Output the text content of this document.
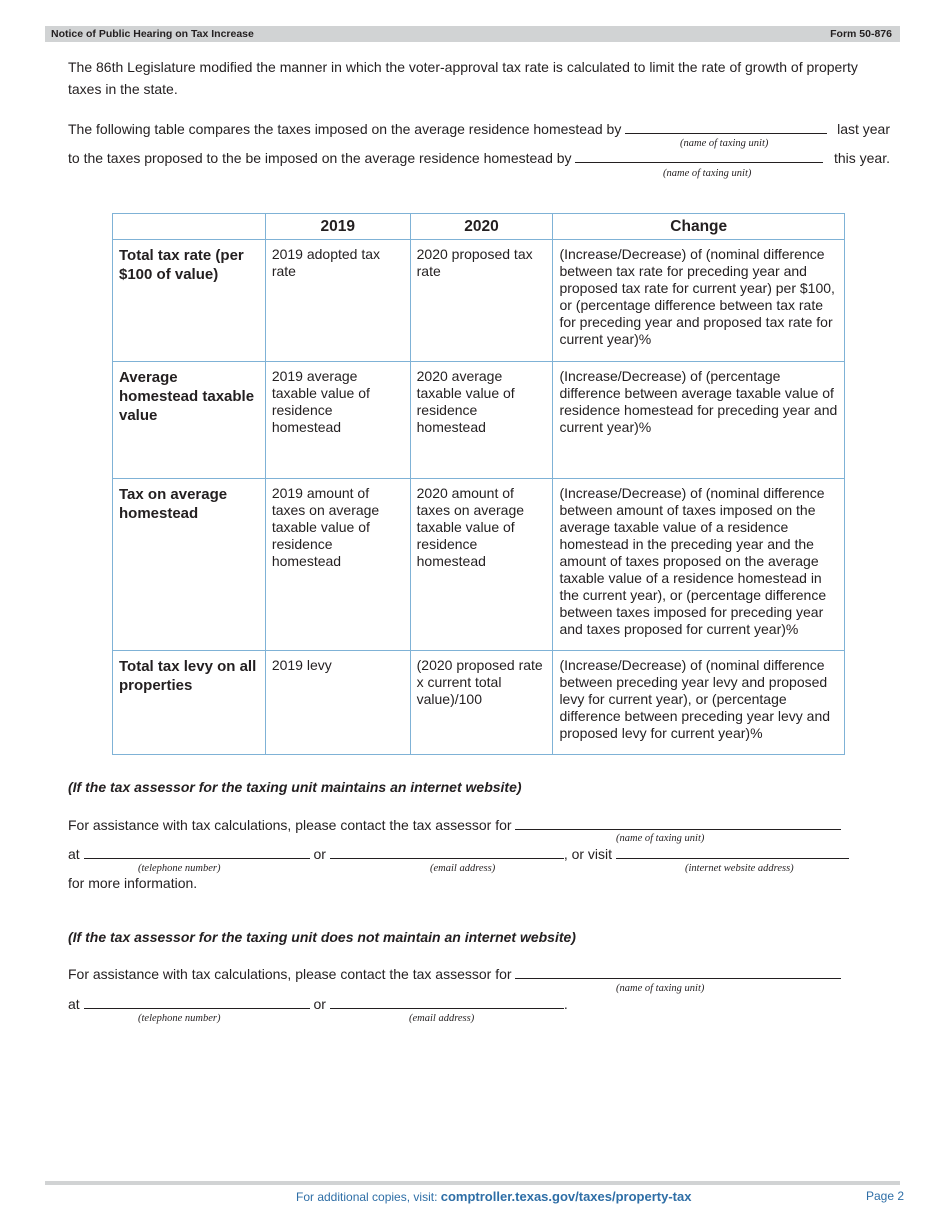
Notice of Public Hearing on Tax Increase	Form 50-876

The 86th Legislature modified the manner in which the voter-approval tax rate is calculated to limit the rate of growth of property taxes in the state.

The following table compares the taxes imposed on the average residence homestead by	last year
(name of taxing unit)
to the taxes proposed to the be imposed on the average residence homestead by	this year.
(name of taxing unit)
	2019	2020	Change
Total tax rate (per $100 of value)	2019 adopted tax rate	2020 proposed tax rate	(Increase/Decrease) of (nominal difference between tax rate for preceding year and proposed tax rate for current year) per $100, or (percentage difference between tax rate for preceding year and proposed tax rate for current year)%
Average homestead taxable value	2019 average taxable value of residence homestead	2020 average taxable value of residence homestead	(Increase/Decrease) of (percentage difference between average taxable value of residence homestead for preceding year and current year)%
Tax on average homestead	2019 amount of taxes on average taxable value of residence homestead	2020 amount of taxes on average taxable value of residence homestead	(Increase/Decrease) of (nominal difference between amount of taxes imposed on the average taxable value of a residence homestead in the preceding year and the amount of taxes proposed on the average taxable value of a residence homestead in the current year), or (percentage difference between taxes imposed for preceding year and taxes proposed for current year)%
Total tax levy on all properties	2019 levy	(2020 proposed rate x current total value)/100	(Increase/Decrease) of (nominal difference between preceding year levy and proposed levy for current year), or (percentage difference between preceding year levy and proposed levy for current year)%
(If the tax assessor for the taxing unit maintains an internet website)
For assistance with tax calculations, please contact the tax assessor for
(name of taxing unit)
at	or	, or visit
(telephone number)	(email address)	(internet website address)
for more information.
(If the tax assessor for the taxing unit does not maintain an internet website)
For assistance with tax calculations, please contact the tax assessor for
(name of taxing unit)
at	or	.
(telephone number)	(email address)
For additional copies, visit: comptroller.texas.gov/taxes/property-tax	Page 2
